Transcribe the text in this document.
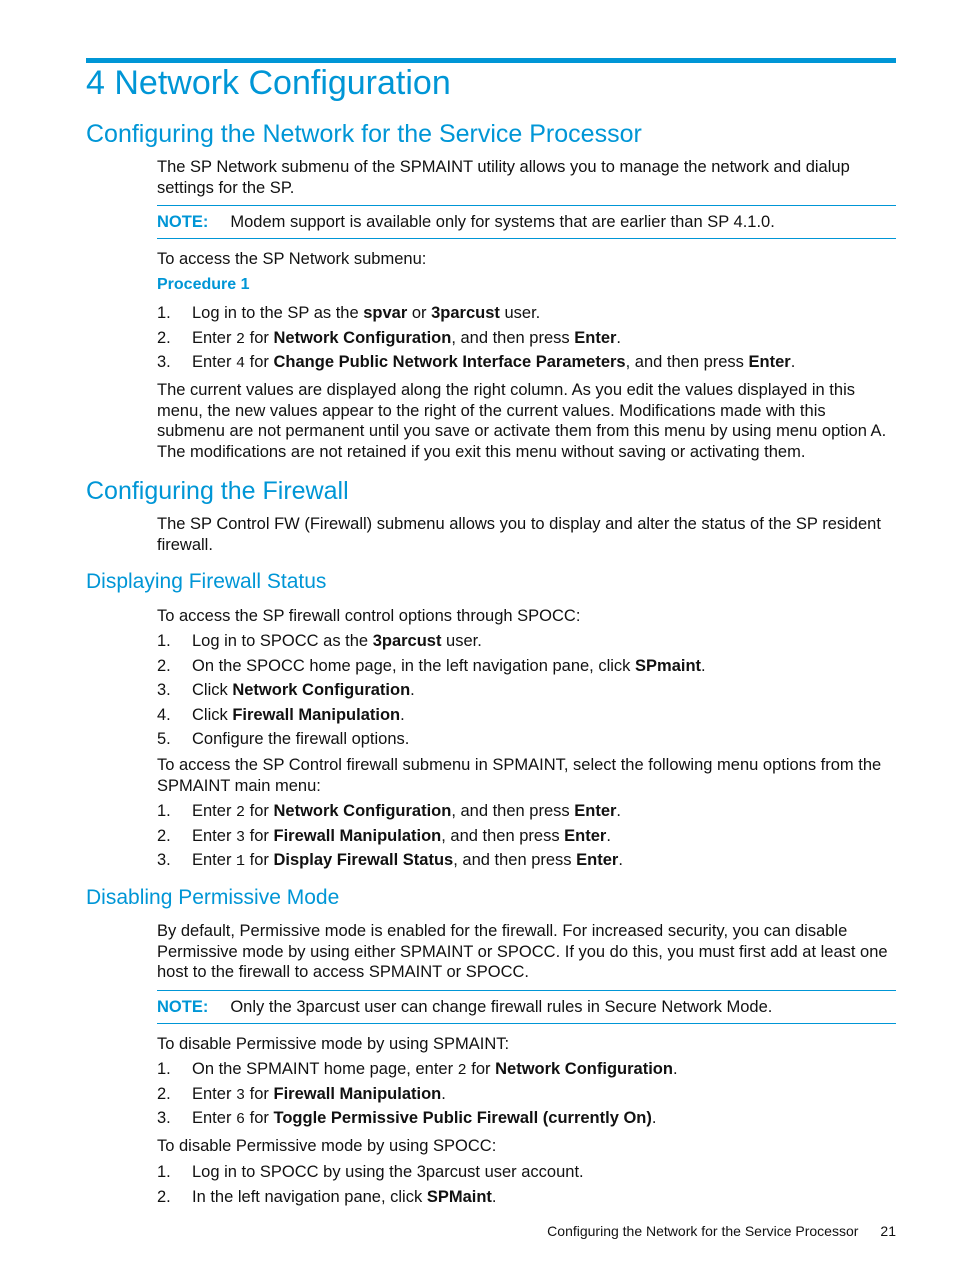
4 Network Configuration
Configuring the Network for the Service Processor

The SP Network submenu of the SPMAINT utility allows you to manage the network and dialup settings for the SP.

NOTE: Modem support is available only for systems that are earlier than SP 4.1.0.

To access the SP Network submenu:

Procedure 1
1. Log in to the SP as the spvar or 3parcust user.
2. Enter 2 for Network Configuration, and then press Enter.
3. Enter 4 for Change Public Network Interface Parameters, and then press Enter.

The current values are displayed along the right column. As you edit the values displayed in this menu, the new values appear to the right of the current values. Modifications made with this submenu are not permanent until you save or activate them from this menu by using menu option A. The modifications are not retained if you exit this menu without saving or activating them.

Configuring the Firewall

The SP Control FW (Firewall) submenu allows you to display and alter the status of the SP resident firewall.

Displaying Firewall Status

To access the SP firewall control options through SPOCC:

1. Log in to SPOCC as the 3parcust user.
2. On the SPOCC home page, in the left navigation pane, click SPmaint.
3. Click Network Configuration.
4. Click Firewall Manipulation.
5. Configure the firewall options.

To access the SP Control firewall submenu in SPMAINT, select the following menu options from the SPMAINT main menu:

1. Enter 2 for Network Configuration, and then press Enter.
2. Enter 3 for Firewall Manipulation, and then press Enter.
3. Enter 1 for Display Firewall Status, and then press Enter.
Disabling Permissive Mode

By default, Permissive mode is enabled for the firewall. For increased security, you can disable Permissive mode by using either SPMAINT or SPOCC. If you do this, you must first add at least one host to the firewall to access SPMAINT or SPOCC.

NOTE: Only the 3parcust user can change firewall rules in Secure Network Mode.

To disable Permissive mode by using SPMAINT:

1. On the SPMAINT home page, enter 2 for Network Configuration.
2. Enter 3 for Firewall Manipulation.
3. Enter 6 for Toggle Permissive Public Firewall (currently On).

To disable Permissive mode by using SPOCC:

1. Log in to SPOCC by using the 3parcust user account.
2. In the left navigation pane, click SPMaint.
Configuring the Network for the Service Processor 21
